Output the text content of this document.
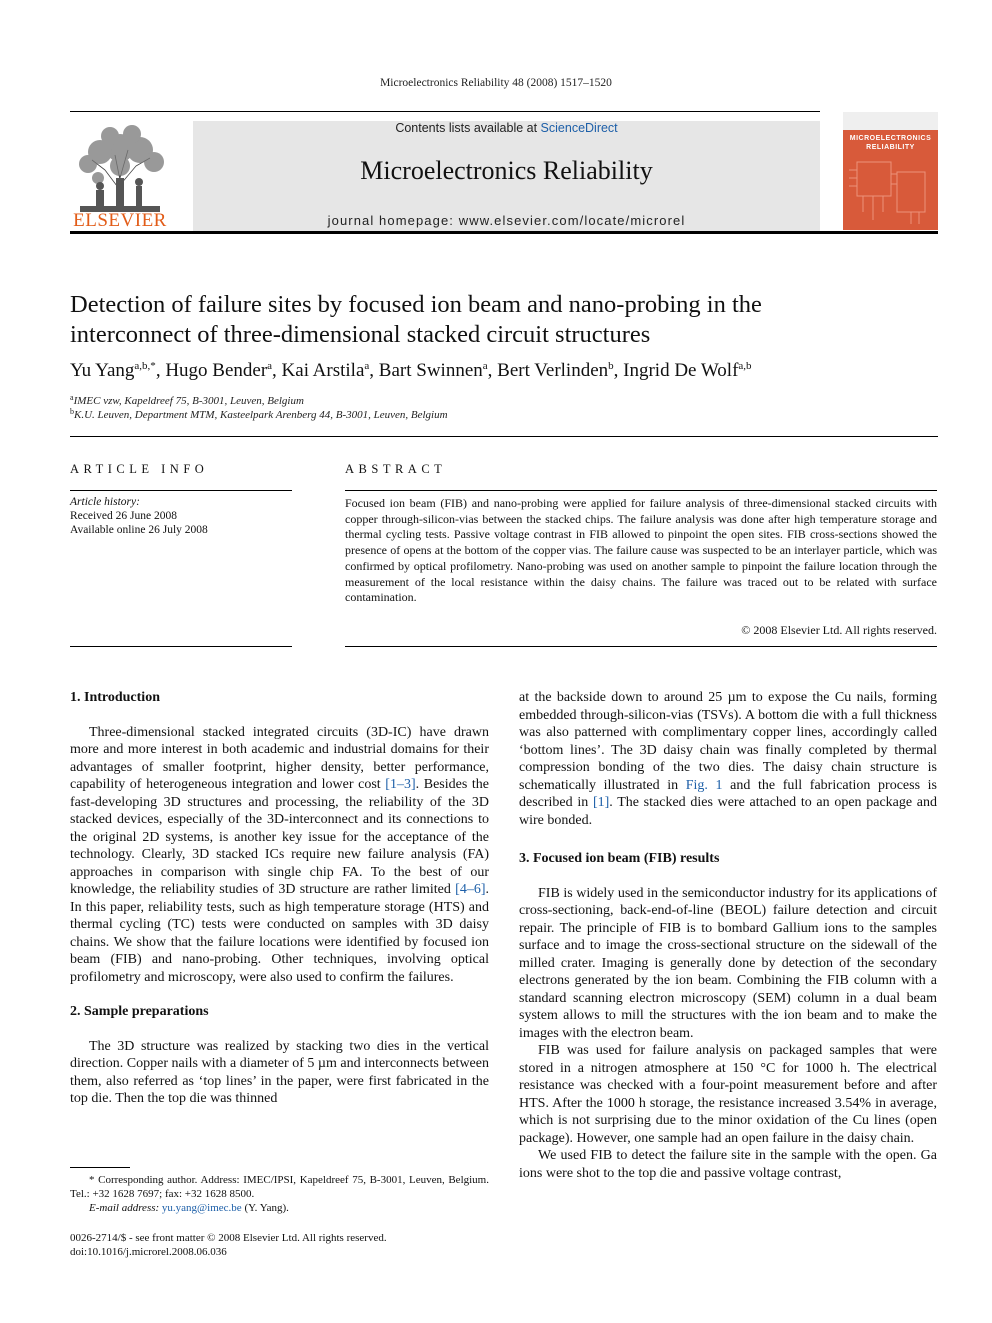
Microelectronics Reliability 48 (2008) 1517–1520
ELSEVIER
Contents lists available at ScienceDirect
Microelectronics Reliability
journal homepage: www.elsevier.com/locate/microrel
MICROELECTRONICS
RELIABILITY
Detection of failure sites by focused ion beam and nano-probing in the
interconnect of three-dimensional stacked circuit structures
Yu Yang$^{a,b,*}$, Hugo Bender$^a$, Kai Arstila$^a$, Bart Swinnen$^a$, Bert Verlinden$^b$, Ingrid De Wolf$^{a,b}$
$^a$IMEC vzw, Kapeldreef 75, B-3001, Leuven, Belgium
$^b$K.U. Leuven, Department MTM, Kasteelpark Arenberg 44, B-3001, Leuven, Belgium
ARTICLE INFO
Article history:
Received 26 June 2008
Available online 26 July 2008
ABSTRACT
Focused ion beam (FIB) and nano-probing were applied for failure analysis of three-dimensional stacked circuits with copper through-silicon-vias between the stacked chips. The failure analysis was done after high temperature storage and thermal cycling tests. Passive voltage contrast in FIB allowed to pinpoint the open sites. FIB cross-sections showed the presence of opens at the bottom of the copper vias. The failure cause was suspected to be an interlayer particle, which was confirmed by optical profilometry. Nano-probing was used on another sample to pinpoint the failure location through the measurement of the local resistance within the daisy chains. The failure was traced out to be related with surface contamination.
© 2008 Elsevier Ltd. All rights reserved.

1. Introduction

Three-dimensional stacked integrated circuits (3D-IC) have drawn more and more interest in both academic and industrial domains for their advantages of smaller footprint, higher density, better performance, capability of heterogeneous integration and lower cost [1–3]. Besides the fast-developing 3D structures and processing, the reliability of the 3D stacked devices, especially of the 3D-interconnect and its connections to the original 2D systems, is another key issue for the acceptance of the technology. Clearly, 3D stacked ICs require new failure analysis (FA) approaches in comparison with single chip FA. To the best of our knowledge, the reliability studies of 3D structure are rather limited [4–6]. In this paper, reliability tests, such as high temperature storage (HTS) and thermal cycling (TC) tests were conducted on samples with 3D daisy chains. We show that the failure locations were identified by focused ion beam (FIB) and nano-probing. Other techniques, involving optical profilometry and microscopy, were also used to confirm the failures.

2. Sample preparations

The 3D structure was realized by stacking two dies in the vertical direction. Copper nails with a diameter of 5 µm and interconnects between them, also referred as ‘top lines’ in the paper, were first fabricated in the top die. Then the top die was thinned

* Corresponding author. Address: IMEC/IPSI, Kapeldreef 75, B-3001, Leuven, Belgium. Tel.: +32 1628 7697; fax: +32 1628 8500.
E-mail address: yu.yang@imec.be (Y. Yang).
0026-2714/$ - see front matter © 2008 Elsevier Ltd. All rights reserved.
doi:10.1016/j.microrel.2008.06.036

at the backside down to around 25 µm to expose the Cu nails, forming embedded through-silicon-vias (TSVs). A bottom die with a full thickness was also patterned with complimentary copper lines, accordingly called ‘bottom lines’. The 3D daisy chain was finally completed by thermal compression bonding of the two dies. The daisy chain structure is schematically illustrated in Fig. 1 and the full fabrication process is described in [1]. The stacked dies were attached to an open package and wire bonded.

3. Focused ion beam (FIB) results

FIB is widely used in the semiconductor industry for its applications of cross-sectioning, back-end-of-line (BEOL) failure detection and circuit repair. The principle of FIB is to bombard Gallium ions to the samples surface and to image the cross-sectional structure on the sidewall of the milled crater. Imaging is generally done by detection of the secondary electrons generated by the ion beam. Combining the FIB column with a standard scanning electron microscopy (SEM) column in a dual beam system allows to mill the structures with the ion beam and to make the images with the electron beam.

FIB was used for failure analysis on packaged samples that were stored in a nitrogen atmosphere at 150 °C for 1000 h. The electrical resistance was checked with a four-point measurement before and after HTS. After the 1000 h storage, the resistance increased 3.54% in average, which is not surprising due to the minor oxidation of the Cu lines (open package). However, one sample had an open failure in the daisy chain.

We used FIB to detect the failure site in the sample with the open. Ga ions were shot to the top die and passive voltage contrast,
